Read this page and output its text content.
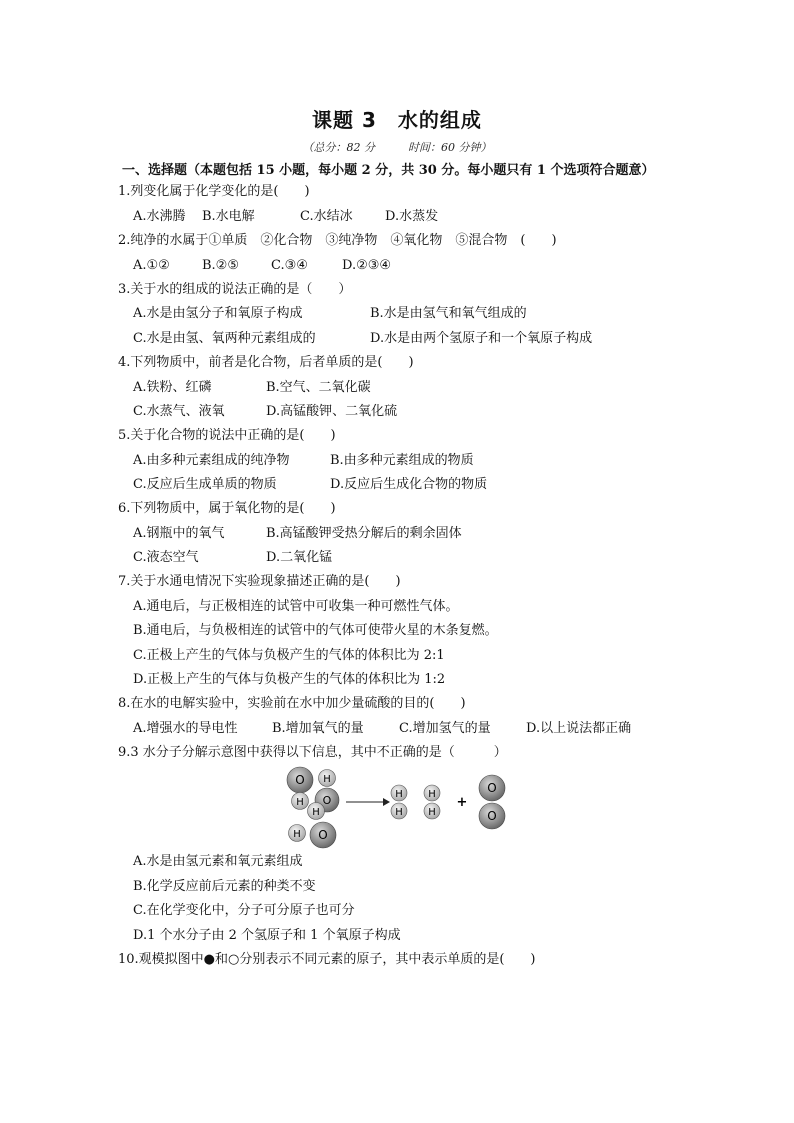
课题 3　水的组成
（总分：82 分　　　时间：60 分钟）
一、选择题（本题包括 15 小题，每小题 2 分，共 30 分。每小题只有 1 个选项符合题意）
1.列变化属于化学变化的是(　　)
A.水沸腾 B.水电解	C.水结冰 D.水蒸发
2.纯净的水属于①单质　②化合物　③纯净物　④氧化物　⑤混合物　(　　)
A.①② B.②⑤ C.③④	D.②③④
3.关于水的组成的说法正确的是（　　）
A.水是由氢分子和氧原子构成	B.水是由氢气和氧气组成的
C.水是由氢、氧两种元素组成的	D.水是由两个氢原子和一个氧原子构成
4.下列物质中，前者是化合物，后者单质的是(　　)
A.铁粉、红磷	B.空气、二氧化碳
C.水蒸气、液氧	D.高锰酸钾、二氧化硫
5.关于化合物的说法中正确的是(　　)
A.由多种元素组成的纯净物	B.由多种元素组成的物质
C.反应后生成单质的物质	D.反应后生成化合物的物质
6.下列物质中，属于氧化物的是(　　)
A.钢瓶中的氧气	B.高锰酸钾受热分解后的剩余固体
C.液态空气	D.二氧化锰
7.关于水通电情况下实验现象描述正确的是(　　)
A.通电后，与正极相连的试管中可收集一种可燃性气体。
B.通电后，与负极相连的试管中的气体可使带火星的木条复燃。
C.正极上产生的气体与负极产生的气体的体积比为 2:1
D.正极上产生的气体与负极产生的气体的体积比为 1:2
8.在水的电解实验中，实验前在水中加少量硫酸的目的(　　)
A.增强水的导电性	B.增加氧气的量	C.增加氢气的量	D.以上说法都正确
9.3 水分子分解示意图中获得以下信息，其中不正确的是（　　　）
O H
H O
H
H O
H
H
H
H
+
O
O
A.水是由氢元素和氧元素组成
B.化学反应前后元素的种类不变
C.在化学变化中，分子可分原子也可分
D.1 个水分子由 2 个氢原子和 1 个氧原子构成
10.观模拟图中●和○分别表示不同元素的原子，其中表示单质的是(　　)
